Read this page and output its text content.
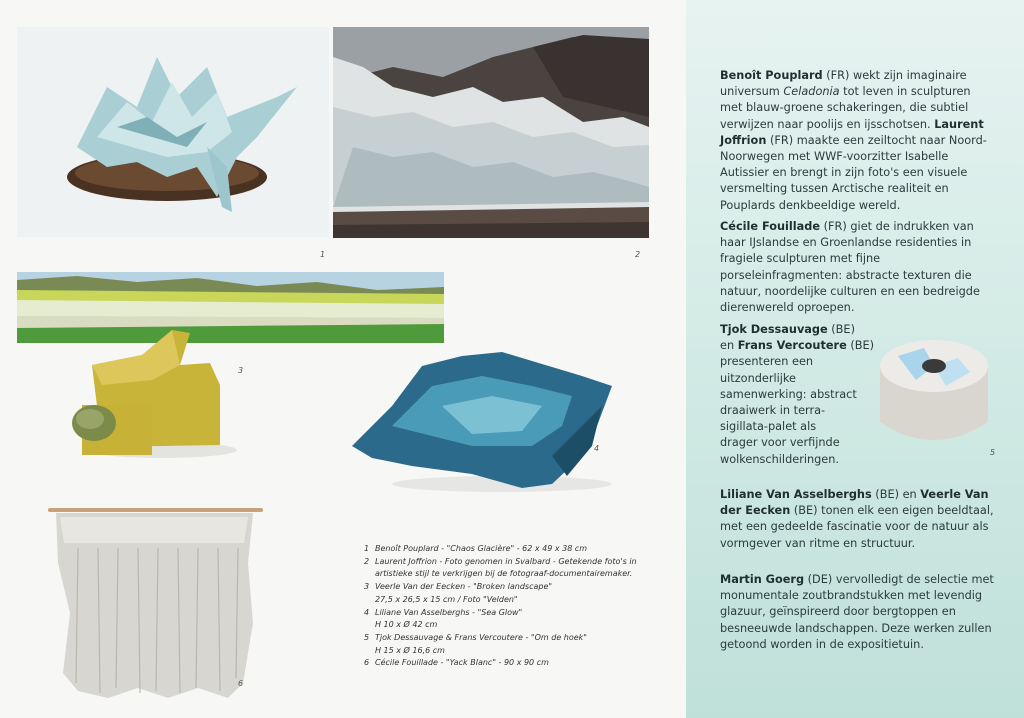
1	2
3
4
6
5
Benoît Pouplard (FR) wekt zijn imaginaire universum Celadonia tot leven in sculpturen met blauw-groene schakeringen, die subtiel verwijzen naar poolijs en ijsschotsen. Laurent Joffrion (FR) maakte een zeiltocht naar Noord-Noorwegen met WWF-voorzitter Isabelle Autissier en brengt in zijn foto's een visuele versmelting tussen Arctische realiteit en Pouplards denkbeeldige wereld.
Cécile Fouillade (FR) giet de indrukken van haar IJslandse en Groenlandse residenties in fragiele sculpturen met fijne porseleinfragmenten: abstracte texturen die natuur, noordelijke culturen en een bedreigde dierenwereld oproepen.
Tjok Dessauvage (BE)
en Frans Vercoutere (BE)
presenteren een
uitzonderlijke
samenwerking: abstract
draaiwerk in terra-
sigillata-palet als
drager voor verfijnde
wolkenschilderingen.
Liliane Van Asselberghs (BE) en Veerle Van der Eecken (BE) tonen elk een eigen beeldtaal, met een gedeelde fascinatie voor de natuur als vormgever van ritme en structuur.
Martin Goerg (DE) vervolledigt de selectie met monumentale zoutbrandstukken met levendig glazuur, geïnspireerd door bergtoppen en besneeuwde landschappen. Deze werken zullen getoond worden in de expositietuin.
1 Benoît Pouplard - "Chaos Glacière" - 62 x 49 x 38 cm
2 Laurent Joffrion - Foto genomen in Svalbard - Getekende foto's in
artistieke stijl te verkrijgen bij de fotograaf-documentairemaker.
3 Veerle Van der Eecken - "Broken landscape"
27,5 x 26,5 x 15 cm / Foto "Velden"
4 Liliane Van Asselberghs - "Sea Glow"
H 10 x Ø 42 cm
5 Tjok Dessauvage & Frans Vercoutere - "Om de hoek"
H 15 x Ø 16,6 cm
6 Cécile Fouillade - "Yack Blanc" - 90 x 90 cm
